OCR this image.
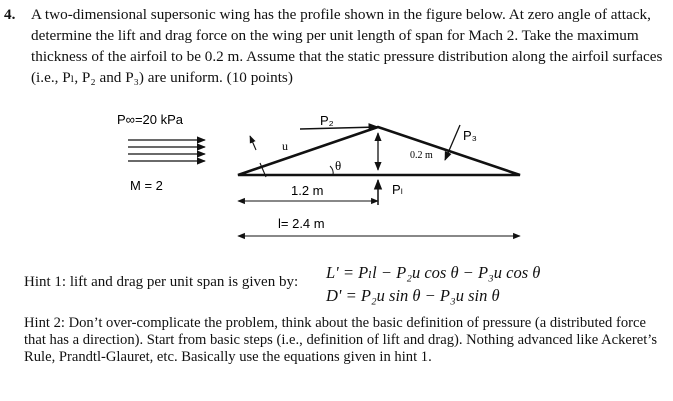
4. A two-dimensional supersonic wing has the profile shown in the figure below. At zero angle of attack, determine the lift and drag force on the wing per unit length of span for Mach 2. Take the maximum thickness of the airfoil to be 0.2 m. Assume that the static pressure distribution along the airfoil surfaces (i.e., Pₗ, P₂ and P₃) are uniform. (10 points)
P∞=20 kPa	P₂
P₃
u
θ
0.2 m
M = 2	1.2 m	Pₗ
l= 2.4 m
Hint 1: lift and drag per unit span is given by: L' = Pₗl − P₂u cos θ − P₃u cos θ
D' = P₂u sin θ − P₃u sin θ
Hint 2: Don’t over-complicate the problem, think about the basic definition of pressure (a distributed force that has a direction). Start from basic steps (i.e., definition of lift and drag). Nothing advanced like Ackeret’s Rule, Prandtl-Glauret, etc. Basically use the equations given in hint 1.
